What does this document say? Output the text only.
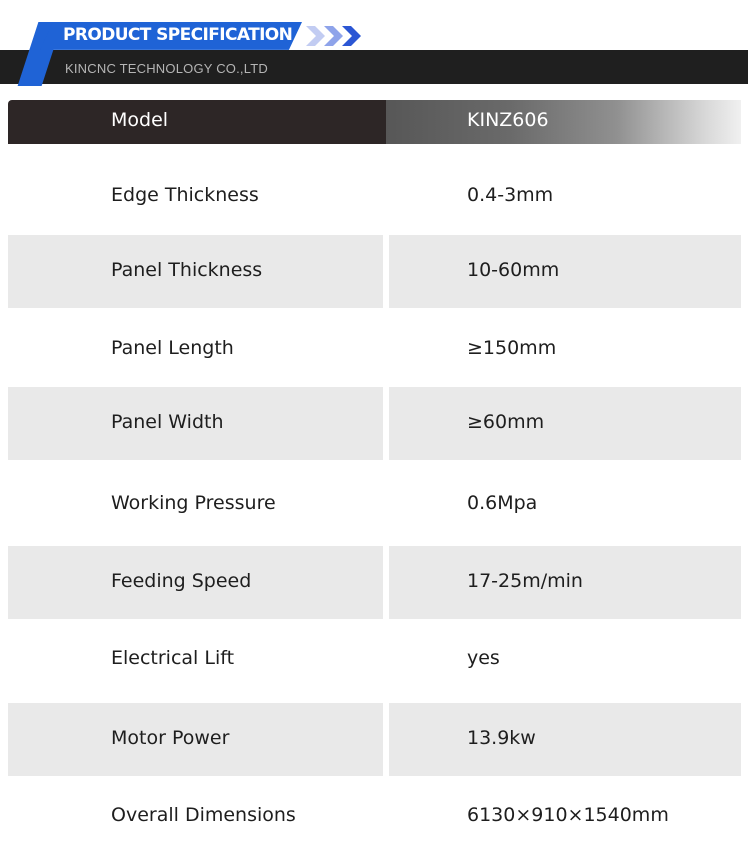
PRODUCT SPECIFICATION
KINCNC TECHNOLOGY CO.,LTD
Model	KINZ606
Edge Thickness	0.4-3mm
Panel Thickness	10-60mm
Panel Length	≥150mm
Panel Width	≥60mm
Working Pressure	0.6Mpa
Feeding Speed	17-25m/min
Electrical Lift	yes
Motor Power	13.9kw
Overall Dimensions	6130×910×1540mm
